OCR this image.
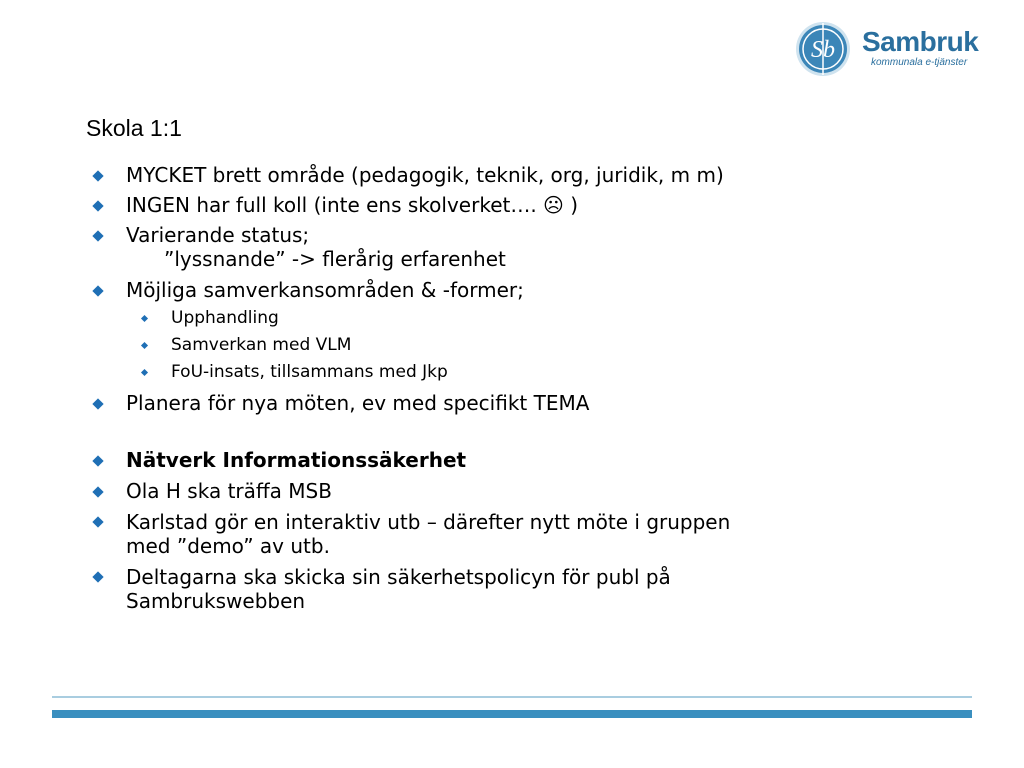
Sb Sambruk
kommunala e-tjänster
Skola 1:1
MYCKET brett område (pedagogik, teknik, org, juridik, m m)
INGEN har full koll (inte ens skolverket…. ☹ )
Varierande status;
”lyssnande” -> flerårig erfarenhet
Möjliga samverkansområden & -former;
Upphandling
Samverkan med VLM
FoU-insats, tillsammans med Jkp
Planera för nya möten, ev med specifikt TEMA
Nätverk Informationssäkerhet
Ola H ska träffa MSB
Karlstad gör en interaktiv utb – därefter nytt möte i gruppen
med ”demo” av utb.
Deltagarna ska skicka sin säkerhetspolicyn för publ på
Sambrukswebben
